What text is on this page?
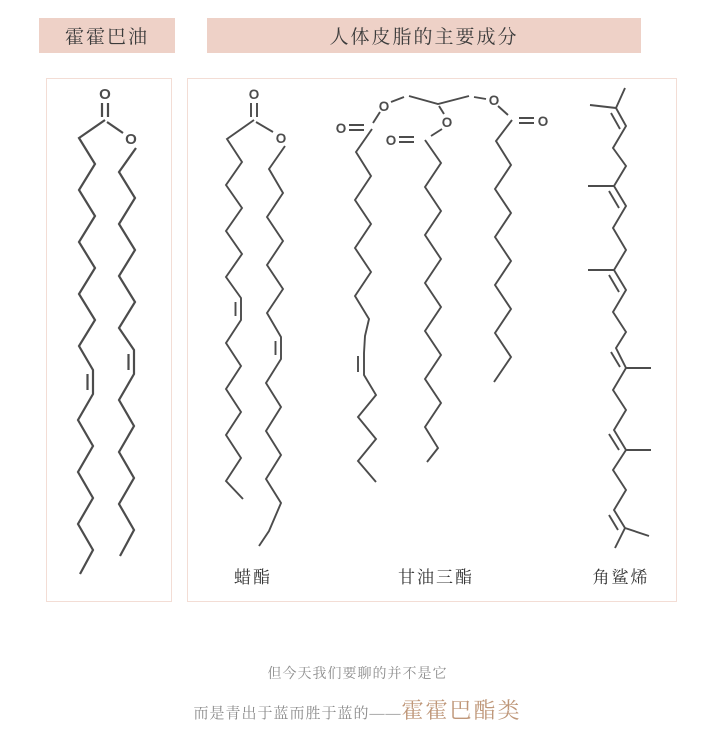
霍霍巴油	人体皮脂的主要成分
O
O
O
O
O
O	O
O
O
O
蜡酯	甘油三酯	角鲨烯
但今天我们要聊的并不是它
而是青出于蓝而胜于蓝的—— 霍霍巴酯类
